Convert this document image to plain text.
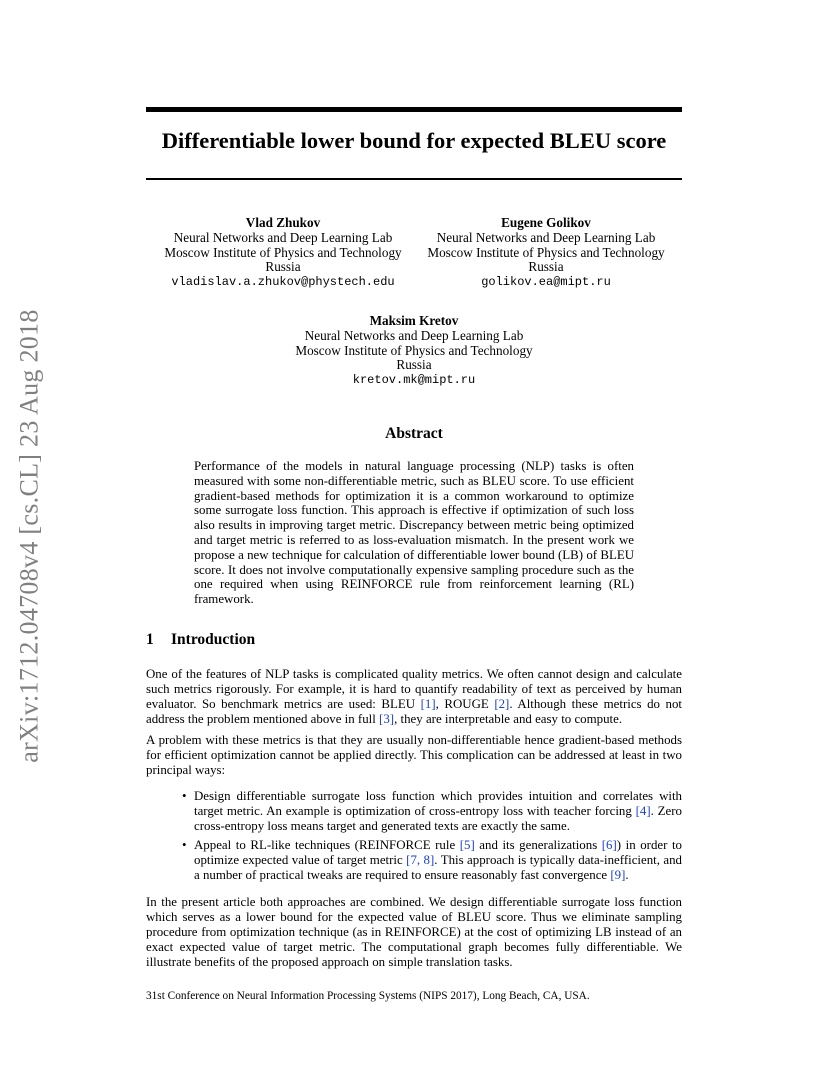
arXiv:1712.04708v4 [cs.CL] 23 Aug 2018
Differentiable lower bound for expected BLEU score
Vlad Zhukov
Neural Networks and Deep Learning Lab
Moscow Institute of Physics and Technology
Russia
vladislav.a.zhukov@phystech.edu
Eugene Golikov
Neural Networks and Deep Learning Lab
Moscow Institute of Physics and Technology
Russia
golikov.ea@mipt.ru
Maksim Kretov
Neural Networks and Deep Learning Lab
Moscow Institute of Physics and Technology
Russia
kretov.mk@mipt.ru
Abstract
Performance of the models in natural language processing (NLP) tasks is often measured with some non-differentiable metric, such as BLEU score. To use efficient gradient-based methods for optimization it is a common workaround to optimize some surrogate loss function. This approach is effective if optimization of such loss also results in improving target metric. Discrepancy between metric being optimized and target metric is referred to as loss-evaluation mismatch. In the present work we propose a new technique for calculation of differentiable lower bound (LB) of BLEU score. It does not involve computationally expensive sampling procedure such as the one required when using REINFORCE rule from reinforcement learning (RL) framework.
1 Introduction

One of the features of NLP tasks is complicated quality metrics. We often cannot design and calculate such metrics rigorously. For example, it is hard to quantify readability of text as perceived by human evaluator. So benchmark metrics are used: BLEU [1], ROUGE [2]. Although these metrics do not address the problem mentioned above in full [3], they are interpretable and easy to compute.

A problem with these metrics is that they are usually non-differentiable hence gradient-based methods for efficient optimization cannot be applied directly. This complication can be addressed at least in two principal ways:

• Design differentiable surrogate loss function which provides intuition and correlates with target metric. An example is optimization of cross-entropy loss with teacher forcing [4]. Zero cross-entropy loss means target and generated texts are exactly the same.
• Appeal to RL-like techniques (REINFORCE rule [5] and its generalizations [6]) in order to optimize expected value of target metric [7, 8]. This approach is typically data-inefficient, and a number of practical tweaks are required to ensure reasonably fast convergence [9].

In the present article both approaches are combined. We design differentiable surrogate loss function which serves as a lower bound for the expected value of BLEU score. Thus we eliminate sampling procedure from optimization technique (as in REINFORCE) at the cost of optimizing LB instead of an exact expected value of target metric. The computational graph becomes fully differentiable. We illustrate benefits of the proposed approach on simple translation tasks.

31st Conference on Neural Information Processing Systems (NIPS 2017), Long Beach, CA, USA.
